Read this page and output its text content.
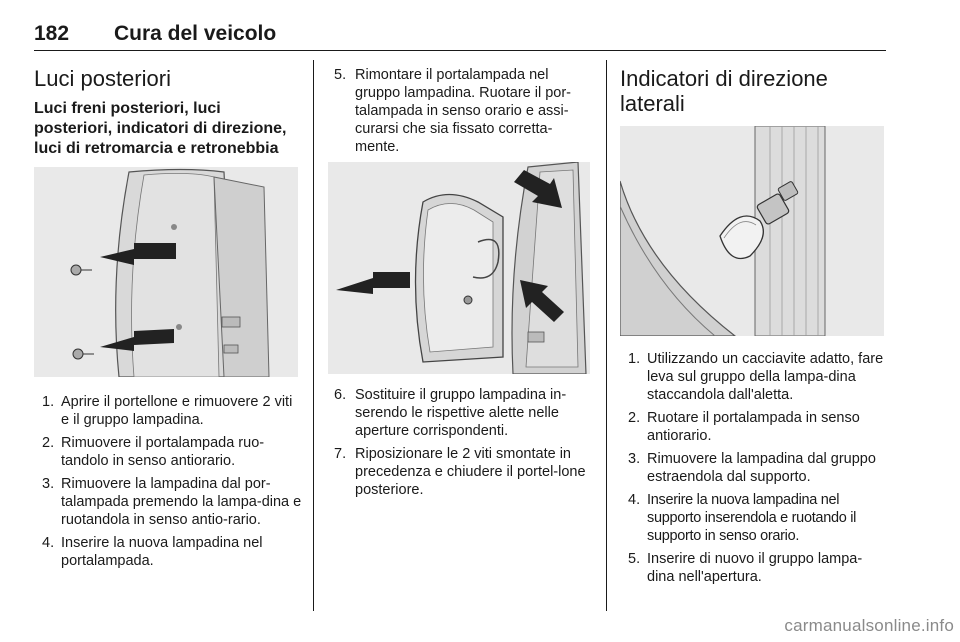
182 Cura del veicolo
Luci posteriori
Luci freni posteriori, luci posteriori, indicatori di direzione, luci di retromarcia e retronebbia
1. Aprire il portellone e rimuovere 2 viti e il gruppo lampadina.
2. Rimuovere il portalampada ruo-tandolo in senso antiorario.
3. Rimuovere la lampadina dal por-talampada premendo la lampa-dina e ruotandola in senso antio-rario.
4. Inserire la nuova lampadina nel portalampada.
5. Rimontare il portalampada nel gruppo lampadina. Ruotare il por-talampada in senso orario e assi-curarsi che sia fissato corretta-mente.
6. Sostituire il gruppo lampadina in-serendo le rispettive alette nelle aperture corrispondenti.
7. Riposizionare le 2 viti smontate in precedenza e chiudere il portel-lone posteriore.
Indicatori di direzione laterali
1. Utilizzando un cacciavite adatto, fare leva sul gruppo della lampa-dina staccandola dall'aletta.
2. Ruotare il portalampada in senso antiorario.
3. Rimuovere la lampadina dal gruppo estraendola dal supporto.
4. Inserire la nuova lampadina nel supporto inserendola e ruotando il supporto in senso orario.
5. Inserire di nuovo il gruppo lampa-dina nell'apertura.
carmanualsonline.info
